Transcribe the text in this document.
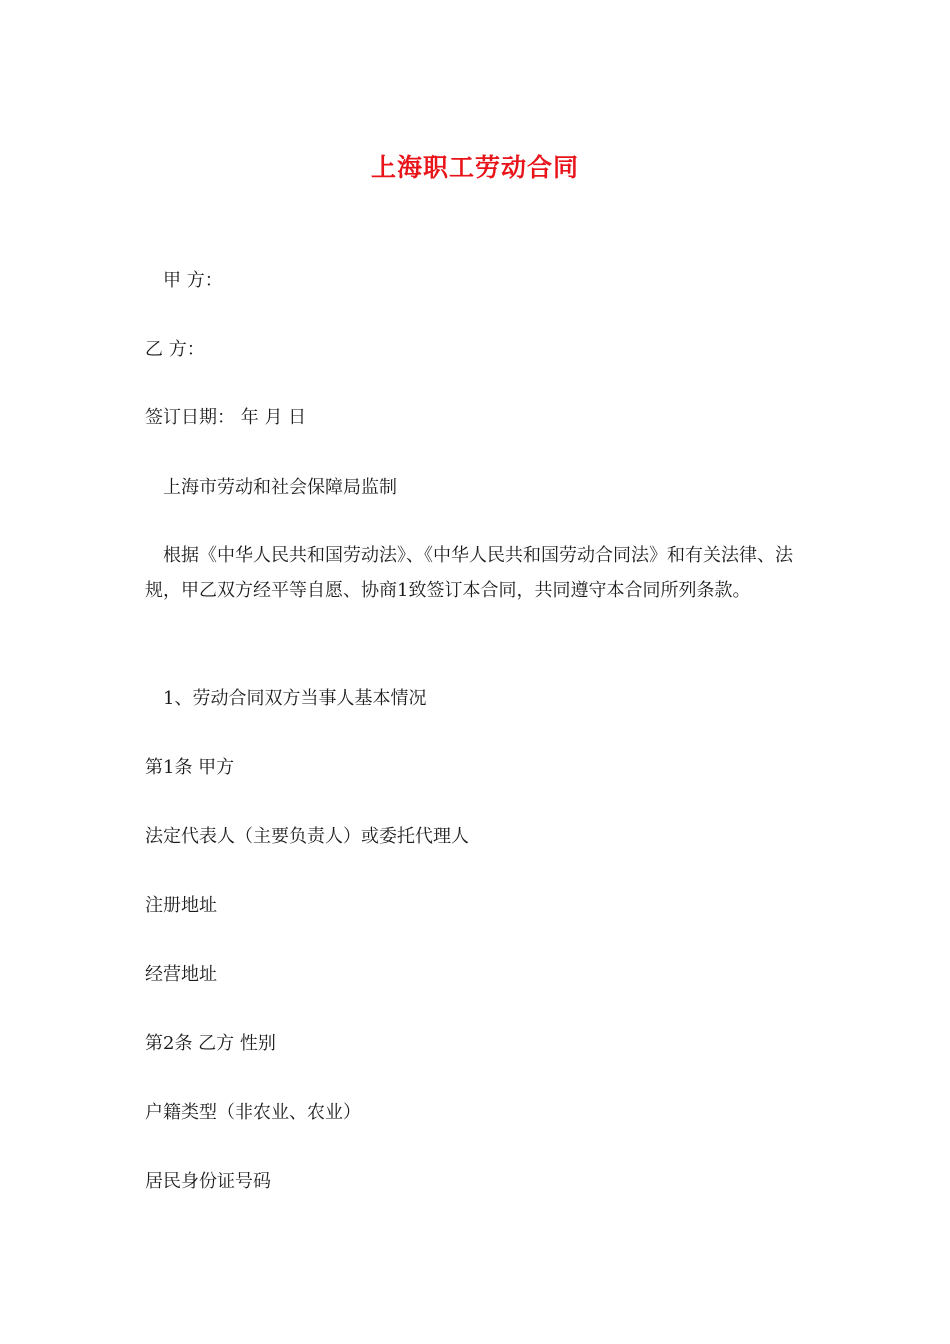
上海职工劳动合同
甲 方：
乙 方：
签订日期： 年 月 日
上海市劳动和社会保障局监制
根据《中华人民共和国劳动法》、《中华人民共和国劳动合同法》和有关法律、法规，甲乙双方经平等自愿、协商1致签订本合同，共同遵守本合同所列条款。
1、劳动合同双方当事人基本情况
第1条 甲方
法定代表人（主要负责人）或委托代理人
注册地址
经营地址
第2条 乙方 性别
户籍类型（非农业、农业）
居民身份证号码
